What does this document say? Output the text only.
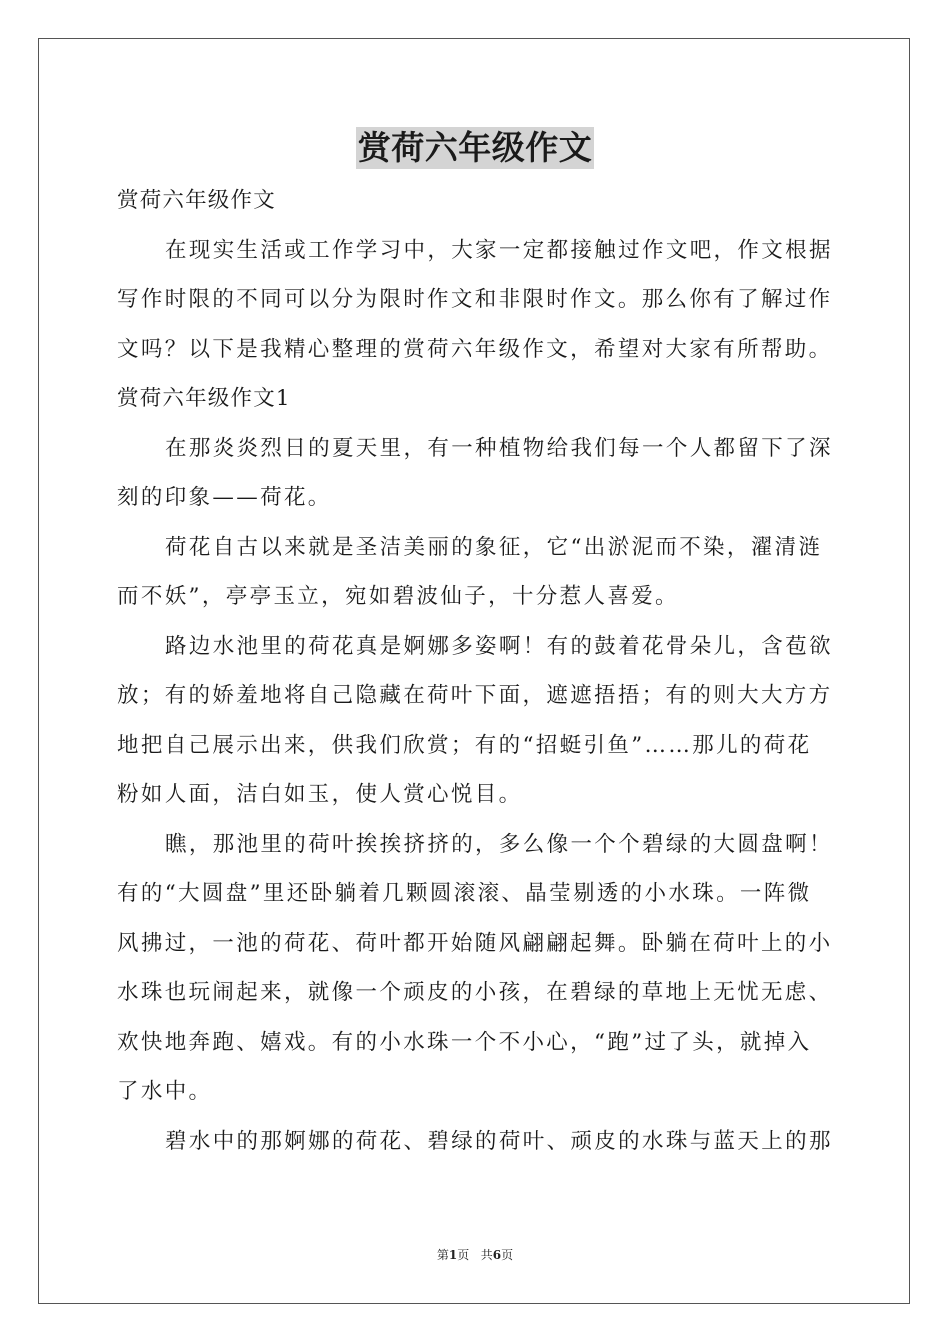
赏荷六年级作文
赏荷六年级作文
在现实生活或工作学习中，大家一定都接触过作文吧，作文根据
写作时限的不同可以分为限时作文和非限时作文。那么你有了解过作
文吗？以下是我精心整理的赏荷六年级作文，希望对大家有所帮助。
赏荷六年级作文1
在那炎炎烈日的夏天里，有一种植物给我们每一个人都留下了深
刻的印象——荷花。
荷花自古以来就是圣洁美丽的象征，它“出淤泥而不染，濯清涟
而不妖”，亭亭玉立，宛如碧波仙子，十分惹人喜爱。
路边水池里的荷花真是婀娜多姿啊！有的鼓着花骨朵儿，含苞欲
放；有的娇羞地将自己隐藏在荷叶下面，遮遮捂捂；有的则大大方方
地把自己展示出来，供我们欣赏；有的“招蜓引鱼”……那儿的荷花
粉如人面，洁白如玉，使人赏心悦目。
瞧，那池里的荷叶挨挨挤挤的，多么像一个个碧绿的大圆盘啊！
有的“大圆盘”里还卧躺着几颗圆滚滚、晶莹剔透的小水珠。一阵微
风拂过，一池的荷花、荷叶都开始随风翩翩起舞。卧躺在荷叶上的小
水珠也玩闹起来，就像一个顽皮的小孩，在碧绿的草地上无忧无虑、
欢快地奔跑、嬉戏。有的小水珠一个不小心，“跑”过了头，就掉入
了水中。
碧水中的那婀娜的荷花、碧绿的荷叶、顽皮的水珠与蓝天上的那
第1页 共6页
